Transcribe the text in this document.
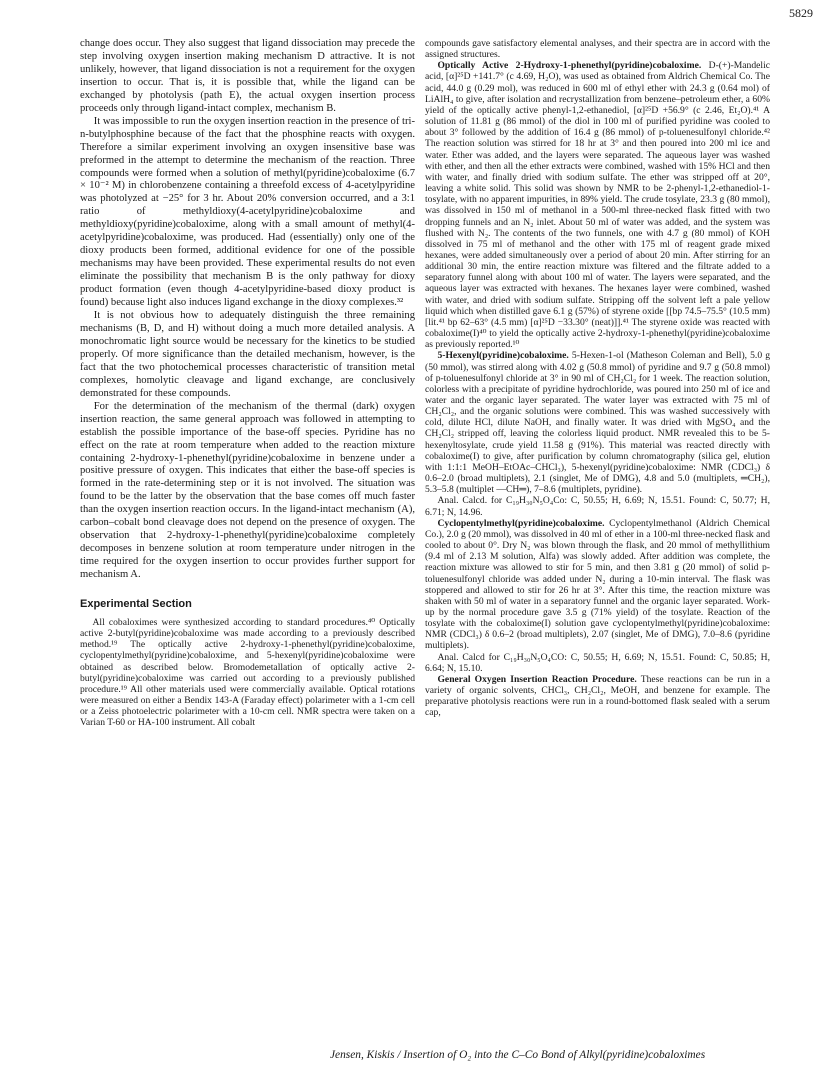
5829

change does occur. They also suggest that ligand dissociation may precede the step involving oxygen insertion making mechanism D attractive. It is not unlikely, however, that ligand dissociation is not a requirement for the oxygen insertion to occur. That is, it is possible that, while the ligand can be exchanged by photolysis (path E), the actual oxygen insertion process proceeds only through ligand-intact complex, mechanism B.

It was impossible to run the oxygen insertion reaction in the presence of tri-n-butylphosphine because of the fact that the phosphine reacts with oxygen. Therefore a similar experiment involving an oxygen insensitive base was preformed in the attempt to determine the mechanism of the reaction. Three compounds were formed when a solution of methyl(pyridine)cobaloxime (6.7 × 10⁻² M) in chlorobenzene containing a threefold excess of 4-acetylpyridine was photolyzed at −25° for 3 hr. About 20% conversion occurred, and a 3:1 ratio of methyldioxy(4-acetylpyridine)cobaloxime and methyldioxy(pyridine)cobaloxime, along with a small amount of methyl(4-acetylpyridine)cobaloxime, was produced. Had (essentially) only one of the dioxy products been formed, additional evidence for one of the possible mechanisms may have been provided. These experimental results do not even eliminate the possibility that mechanism B is the only pathway for dioxy product formation (even though 4-acetylpyridine-based dioxy product is found) because light also induces ligand exchange in the dioxy complexes.³²

It is not obvious how to adequately distinguish the three remaining mechanisms (B, D, and H) without doing a much more detailed analysis. A monochromatic light source would be necessary for the kinetics to be studied properly. Of more significance than the detailed mechanism, however, is the fact that the two photochemical processes characteristic of transition metal complexes, homolytic cleavage and ligand exchange, are conclusively demonstrated for these compounds.

For the determination of the mechanism of the thermal (dark) oxygen insertion reaction, the same general approach was followed in attempting to establish the possible importance of the base-off species. Pyridine has no effect on the rate at room temperature when added to the reaction mixture containing 2-hydroxy-1-phenethyl(pyridine)cobaloxime in benzene under a positive pressure of oxygen. This indicates that either the base-off species is formed in the rate-determining step or it is not involved. The situation was found to be the latter by the observation that the base comes off much faster than the oxygen insertion reaction occurs. In the ligand-intact mechanism (A), carbon–cobalt bond cleavage does not depend on the presence of oxygen. The observation that 2-hydroxy-1-phenethyl(pyridine)cobaloxime completely decomposes in benzene solution at room temperature under nitrogen in the time required for the oxygen insertion to occur provides further support for mechanism A.

Experimental Section

All cobaloximes were synthesized according to standard procedures.⁴⁰ Optically active 2-butyl(pyridine)cobaloxime was made according to a previously described method.¹⁹ The optically active 2-hydroxy-1-phenethyl(pyridine)cobaloxime, cyclopentylmethyl(pyridine)cobaloxime, and 5-hexenyl(pyridine)cobaloxime were obtained as described below. Bromodemetallation of optically active 2-butyl(pyridine)cobaloxime was carried out according to a previously published procedure.¹⁹ All other materials used were commercially available. Optical rotations were measured on either a Bendix 143-A (Faraday effect) polarimeter with a 1-cm cell or a Zeiss photoelectric polarimeter with a 10-cm cell. NMR spectra were taken on a Varian T-60 or HA-100 instrument. All cobalt

compounds gave satisfactory elemental analyses, and their spectra are in accord with the assigned structures.

Optically Active 2-Hydroxy-1-phenethyl(pyridine)cobaloxime. D-(+)-Mandelic acid, [α]²⁵D +141.7° (c 4.69, H₂O), was used as obtained from Aldrich Chemical Co. The acid, 44.0 g (0.29 mol), was reduced in 600 ml of ethyl ether with 24.3 g (0.64 mol) of LiAlH₄ to give, after isolation and recrystallization from benzene–petroleum ether, a 60% yield of the optically active phenyl-1,2-ethanediol, [α]²⁵D +56.9° (c 2.46, Et₂O).⁴¹ A solution of 11.81 g (86 mmol) of the diol in 100 ml of purified pyridine was cooled to about 3° followed by the addition of 16.4 g (86 mmol) of p-toluenesulfonyl chloride.⁴² The reaction solution was stirred for 18 hr at 3° and then poured into 200 ml ice and water. Ether was added, and the layers were separated. The aqueous layer was washed with ether, and then all the ether extracts were combined, washed with 15% HCl and then with water, and finally dried with sodium sulfate. The ether was stripped off at 20°, leaving a white solid. This solid was shown by NMR to be 2-phenyl-1,2-ethanediol-1-tosylate, with no apparent impurities, in 89% yield. The crude tosylate, 23.3 g (80 mmol), was dissolved in 150 ml of methanol in a 500-ml three-necked flask fitted with two dropping funnels and an N₂ inlet. About 50 ml of water was added, and the system was flushed with N₂. The contents of the two funnels, one with 4.7 g (80 mmol) of KOH dissolved in 75 ml of methanol and the other with 175 ml of reagent grade mixed hexanes, were added simultaneously over a period of about 20 min. After stirring for an additional 30 min, the entire reaction mixture was filtered and the filtrate added to a separatory funnel along with about 100 ml of water. The layers were separated, and the aqueous layer was extracted with hexanes. The hexanes layer were combined, washed with water, and dried with sodium sulfate. Stripping off the solvent left a pale yellow liquid which when distilled gave 6.1 g (57%) of styrene oxide [[bp 74.5–75.5° (10.5 mm) [lit.⁴¹ bp 62–63° (4.5 mm) [α]²⁵D −33.30° (neat)]].⁴¹ The styrene oxide was reacted with cobaloxime(I)⁴⁰ to yield the optically active 2-hydroxy-1-phenethyl(pyridine)cobaloxime as previously reported.¹⁰

5-Hexenyl(pyridine)cobaloxime. 5-Hexen-1-ol (Matheson Coleman and Bell), 5.0 g (50 mmol), was stirred along with 4.02 g (50.8 mmol) of pyridine and 9.7 g (50.8 mmol) of p-toluenesulfonyl chloride at 3° in 90 ml of CH₂Cl₂ for 1 week. The reaction solution, colorless with a precipitate of pyridine hydrochloride, was poured into 250 ml of ice and water and the organic layer separated. The water layer was extracted with 75 ml of CH₂Cl₂, and the organic solutions were combined. This was washed successively with cold, dilute HCl, dilute NaOH, and finally water. It was dried with MgSO₄ and the CH₂Cl₂ stripped off, leaving the colorless liquid product. NMR revealed this to be 5-hexenyltosylate, crude yield 11.58 g (91%). This material was reacted directly with cobaloxime(I) to give, after purification by column chromatography (silica gel, elution with 1:1:1 MeOH–EtOAc–CHCl₃), 5-hexenyl(pyridine)cobaloxime: NMR (CDCl₃) δ 0.6–2.0 (broad multiplets), 2.1 (singlet, Me of DMG), 4.8 and 5.0 (multiplets, ═CH₂), 5.3–5.8 (multiplet —CH═), 7–8.6 (multiplets, pyridine).

Anal. Calcd. for C₁₉H₃₀N₅O₄Co: C, 50.55; H, 6.69; N, 15.51. Found: C, 50.77; H, 6.71; N, 14.96.

Cyclopentylmethyl(pyridine)cobaloxime. Cyclopentylmethanol (Aldrich Chemical Co.), 2.0 g (20 mmol), was dissolved in 40 ml of ether in a 100-ml three-necked flask and cooled to about 0°. Dry N₂ was blown through the flask, and 20 mmol of methyllithium (9.4 ml of 2.13 M solution, Alfa) was slowly added. After addition was complete, the reaction mixture was allowed to stir for 5 min, and then 3.81 g (20 mmol) of solid p-toluenesulfonyl chloride was added under N₂ during a 10-min interval. The flask was stoppered and allowed to stir for 26 hr at 3°. After this time, the reaction mixture was shaken with 50 ml of water in a separatory funnel and the organic layer separated. Work-up by the normal procedure gave 3.5 g (71% yield) of the tosylate. Reaction of the tosylate with the cobaloxime(I) solution gave cyclopentylmethyl(pyridine)cobaloxime: NMR (CDCl₃) δ 0.6–2 (broad multiplets), 2.07 (singlet, Me of DMG), 7.0–8.6 (pyridine multiplets).

Anal. Calcd for C₁₉H₃₀N₅O₄CO: C, 50.55; H, 6.69; N, 15.51. Found: C, 50.85; H, 6.64; N, 15.10.

General Oxygen Insertion Reaction Procedure. These reactions can be run in a variety of organic solvents, CHCl₃, CH₂Cl₂, MeOH, and benzene for example. The preparative photolysis reactions were run in a round-bottomed flask sealed with a serum cap,

Jensen, Kiskis / Insertion of O₂ into the C–Co Bond of Alkyl(pyridine)cobaloximes
